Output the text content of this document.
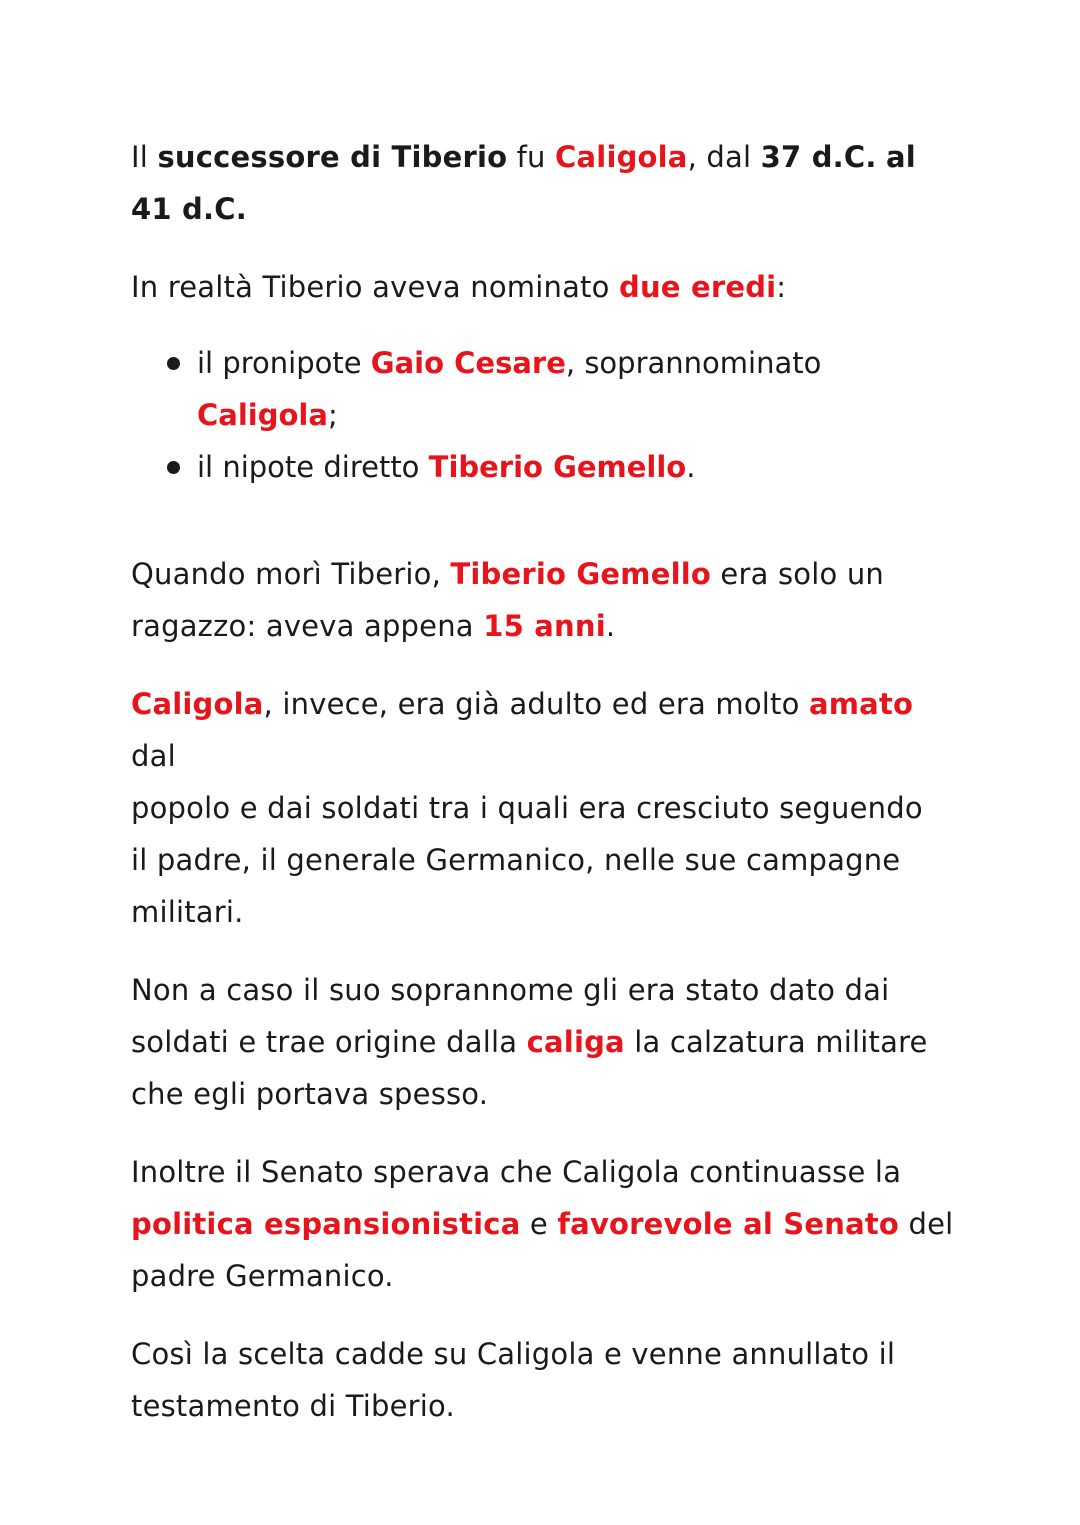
Il successore di Tiberio fu Caligola, dal 37 d.C. al
41 d.C.

In realtà Tiberio aveva nominato due eredi:

il pronipote Gaio Cesare, soprannominato
Caligola;
il nipote diretto Tiberio Gemello.

Quando morì Tiberio, Tiberio Gemello era solo un
ragazzo: aveva appena 15 anni.

Caligola, invece, era già adulto ed era molto amato dal
popolo e dai soldati tra i quali era cresciuto seguendo
il padre, il generale Germanico, nelle sue campagne
militari.

Non a caso il suo soprannome gli era stato dato dai
soldati e trae origine dalla caliga la calzatura militare
che egli portava spesso.

Inoltre il Senato sperava che Caligola continuasse la
politica espansionistica e favorevole al Senato del
padre Germanico.

Così la scelta cadde su Caligola e venne annullato il
testamento di Tiberio.
